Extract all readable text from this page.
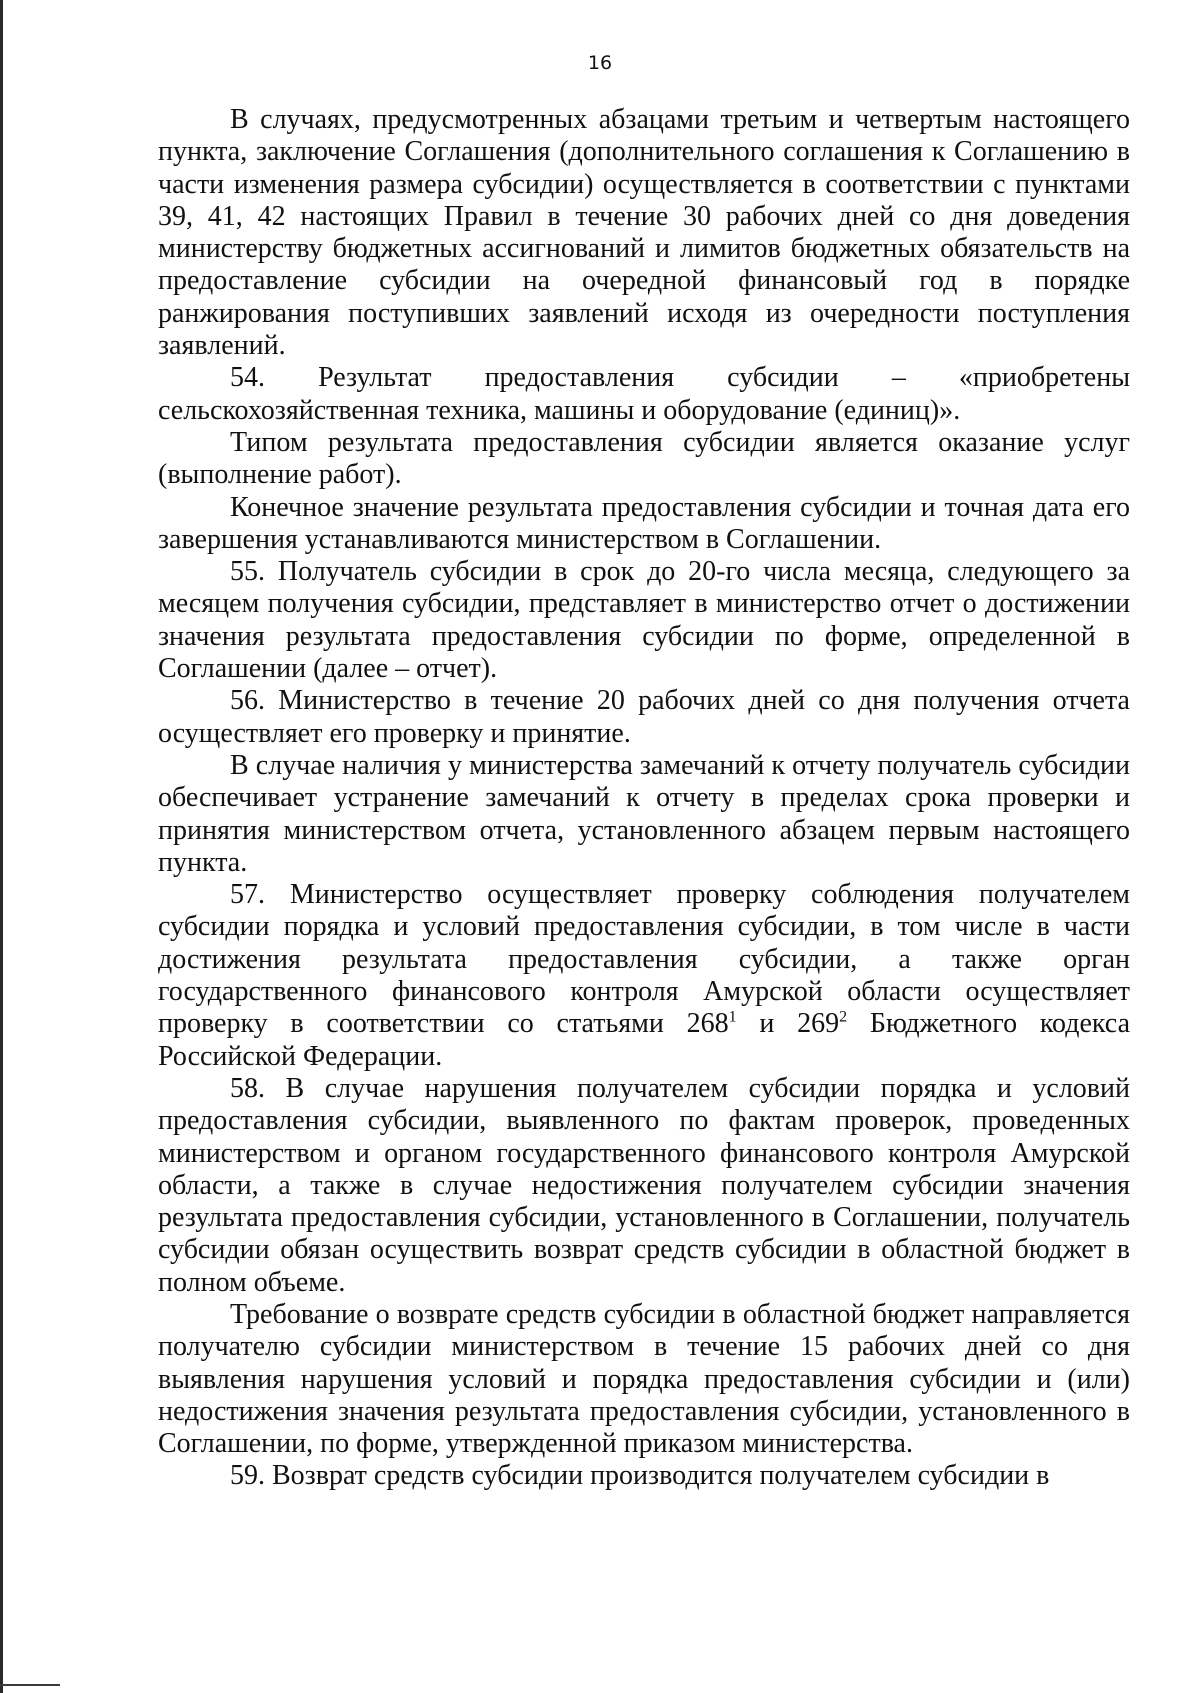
16

В случаях, предусмотренных абзацами третьим и четвертым настоящего пункта, заключение Соглашения (дополнительного соглашения к Соглашению в части изменения размера субсидии) осуществляется в соответствии с пунктами 39, 41, 42 настоящих Правил в течение 30 рабочих дней со дня доведения министерству бюджетных ассигнований и лимитов бюджетных обязательств на предоставление субсидии на очередной финансовый год в порядке ранжирования поступивших заявлений исходя из очередности поступления заявлений.

54. Результат предоставления субсидии – «приобретены сельскохозяйственная техника, машины и оборудование (единиц)».

Типом результата предоставления субсидии является оказание услуг (выполнение работ).

Конечное значение результата предоставления субсидии и точная дата его завершения устанавливаются министерством в Соглашении.

55. Получатель субсидии в срок до 20-го числа месяца, следующего за месяцем получения субсидии, представляет в министерство отчет о достижении значения результата предоставления субсидии по форме, определенной в Соглашении (далее – отчет).

56. Министерство в течение 20 рабочих дней со дня получения отчета осуществляет его проверку и принятие.

В случае наличия у министерства замечаний к отчету получатель субсидии обеспечивает устранение замечаний к отчету в пределах срока проверки и принятия министерством отчета, установленного абзацем первым настоящего пункта.

57. Министерство осуществляет проверку соблюдения получателем субсидии порядка и условий предоставления субсидии, в том числе в части достижения результата предоставления субсидии, а также орган государственного финансового контроля Амурской области осуществляет проверку в соответствии со статьями $268^1$ и $269^2$ Бюджетного кодекса Российской Федерации.

58. В случае нарушения получателем субсидии порядка и условий предоставления субсидии, выявленного по фактам проверок, проведенных министерством и органом государственного финансового контроля Амурской области, а также в случае недостижения получателем субсидии значения результата предоставления субсидии, установленного в Соглашении, получатель субсидии обязан осуществить возврат средств субсидии в областной бюджет в полном объеме.

Требование о возврате средств субсидии в областной бюджет направляется получателю субсидии министерством в течение 15 рабочих дней со дня выявления нарушения условий и порядка предоставления субсидии и (или) недостижения значения результата предоставления субсидии, установленного в Соглашении, по форме, утвержденной приказом министерства.

59. Возврат средств субсидии производится получателем субсидии в
